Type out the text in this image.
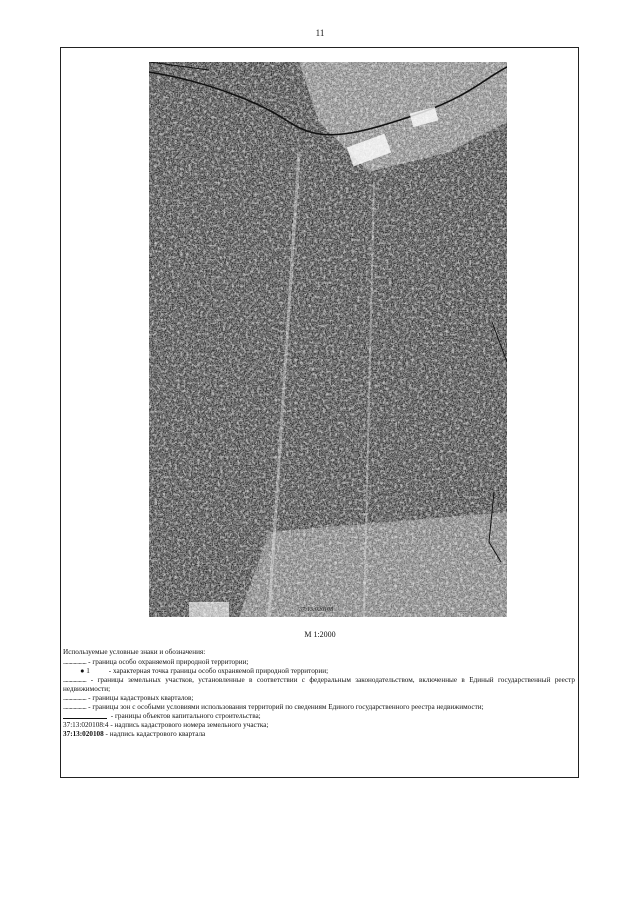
11
37:13:020108
М 1:2000

Используемые условные знаки и обозначения:

.................. - граница особо охраняемой природной территории;

● 1	- характерная точка границы особо охраняемой природной территории;

.................. - границы земельных участков, установленные в соответствии с федеральным законодательством, включенные в Единый государственный реестр недвижимости;

.................. - границы кадастровых кварталов;

.................. - границы зон с особыми условиями использования территорий по сведениям Единого государственного реестра недвижимости;

- границы объектов капитального строительства;

37:13:020108:4 - надпись кадастрового номера земельного участка;

37:13:020108 - надпись кадастрового квартала
